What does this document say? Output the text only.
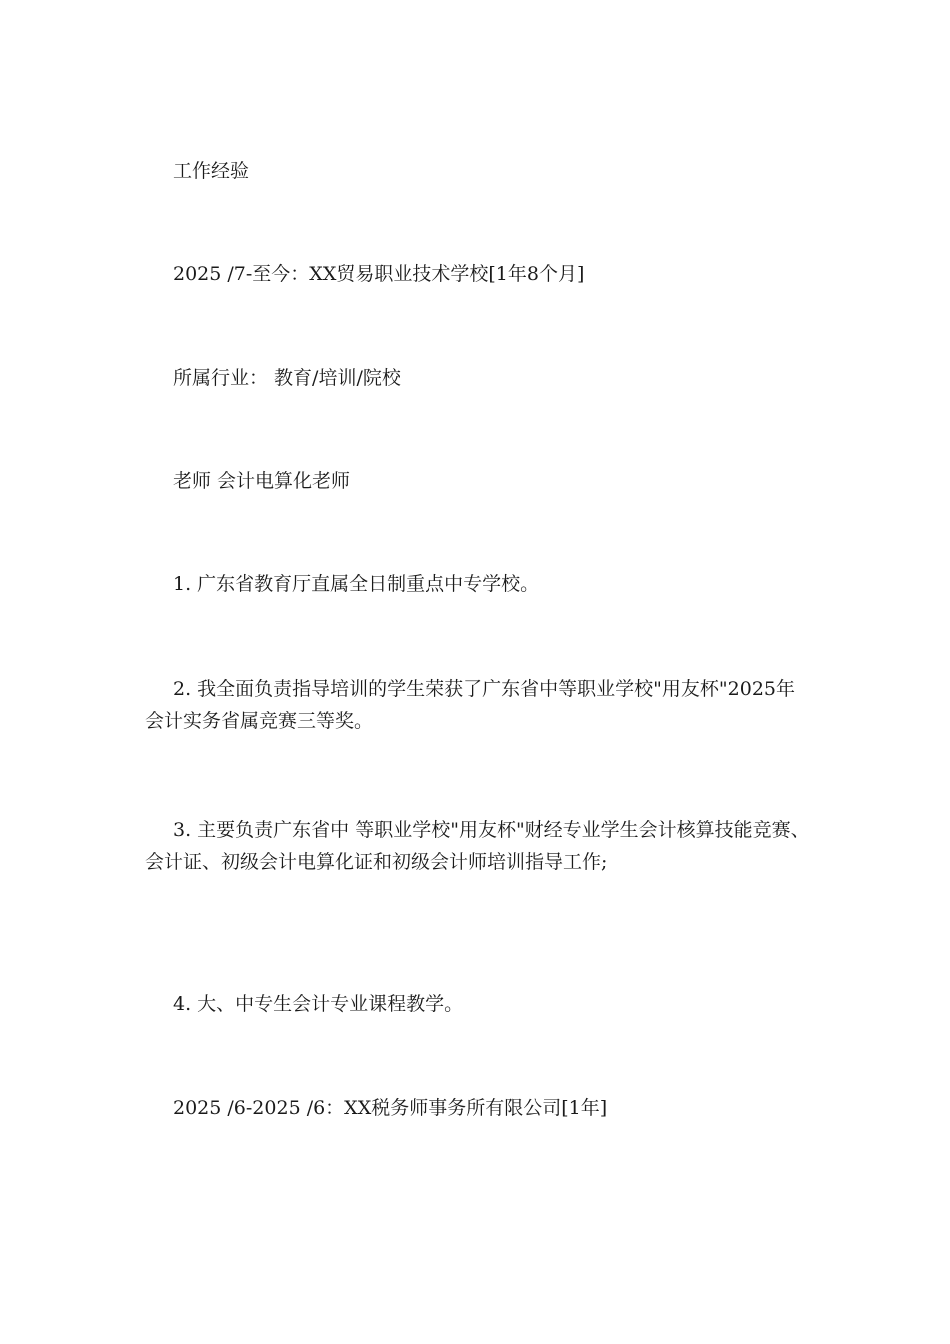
工作经验
2025 /7-至今：XX贸易职业技术学校[1年8个月]
所属行业： 教育/培训/院校
老师 会计电算化老师
1. 广东省教育厅直属全日制重点中专学校。
2. 我全面负责指导培训的学生荣获了广东省中等职业学校"用友杯"2025年
会计实务省属竞赛三等奖。
3. 主要负责广东省中 等职业学校"用友杯"财经专业学生会计核算技能竞赛、
会计证、初级会计电算化证和初级会计师培训指导工作;
4. 大、中专生会计专业课程教学。
2025 /6-2025 /6：XX税务师事务所有限公司[1年]
